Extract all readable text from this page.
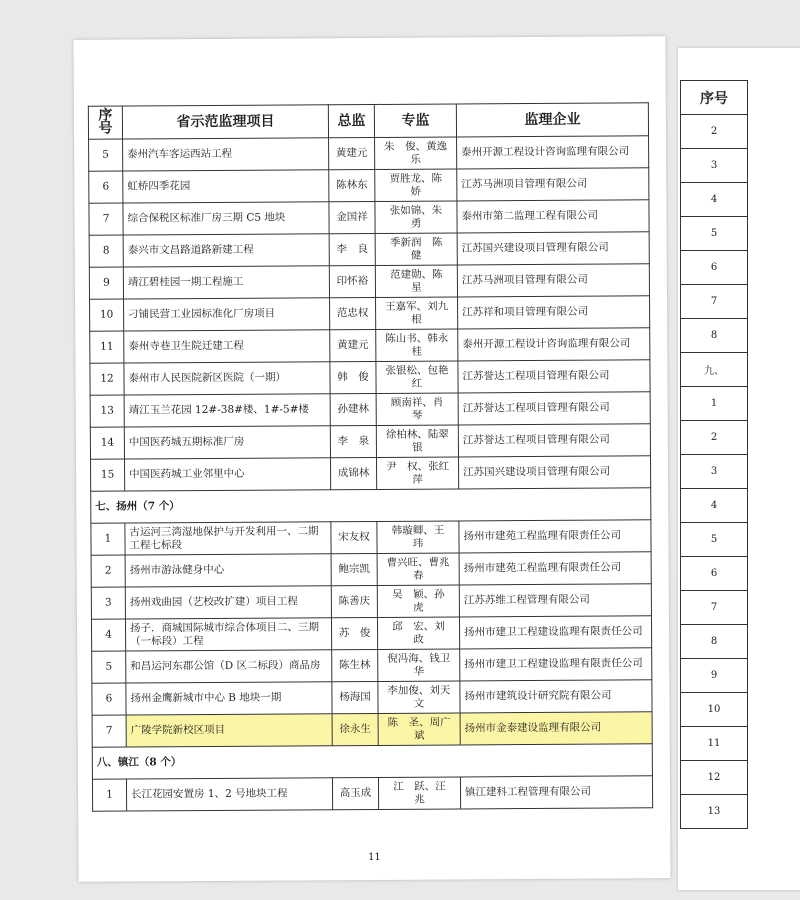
序号	省示范监理项目	总监	专监	监理企业
5	泰州汽车客运西站工程	黄建元	朱　俊、黄逸乐	泰州开源工程设计咨询监理有限公司
6	虹桥四季花园	陈林东	贾胜龙、陈　娇	江苏马洲项目管理有限公司
7	综合保税区标准厂房三期 C5 地块	金国祥	张如锦、朱　勇	泰州市第二监理工程有限公司
8	泰兴市文昌路道路新建工程	李　良	季新润　陈　健	江苏国兴建设项目管理有限公司
9	靖江碧桂园一期工程施工	印怀裕	范建勋、陈　星	江苏马洲项目管理有限公司
10	刁铺民营工业园标准化厂房项目	范忠权	王嘉军、刘九根	江苏祥和项目管理有限公司
11	泰州寺巷卫生院迁建工程	黄建元	陈山书、韩永桂	泰州开源工程设计咨询监理有限公司
12	泰州市人民医院新区医院（一期）	韩　俊	张银松、包艳红	江苏誉达工程项目管理有限公司
13	靖江玉兰花园 12#-38#楼、1#-5#楼	孙建林	顾南祥、肖　琴	江苏誉达工程项目管理有限公司
14	中国医药城五期标准厂房	李　泉	徐柏林、陆翠银	江苏誉达工程项目管理有限公司
15	中国医药城工业邻里中心	成锦林	尹　权、张红萍	江苏国兴建设项目管理有限公司
七、扬州（7 个）				
1	古运河三湾湿地保护与开发利用一、二期工程七标段	宋友权	韩璇卿、王　玮	扬州市建苑工程监理有限责任公司
2	扬州市游泳健身中心	鲍宗凯	曹兴旺、曹兆春	扬州市建苑工程监理有限责任公司
3	扬州戏曲园（艺校改扩建）项目工程	陈善庆	吴　颖、孙　虎	江苏苏维工程管理有限公司
4	扬子．商城国际城市综合体项目二、三期（一标段）工程	苏　俊	邱　宏、刘　政	扬州市建卫工程建设监理有限责任公司
5	和昌运河东郡公馆（D 区二标段）商品房	陈生林	倪冯海、钱卫华	扬州市建卫工程建设监理有限责任公司
6	扬州金鹰新城市中心 B 地块一期	杨海国	李加俊、刘天文	扬州市建筑设计研究院有限公司
7	广陵学院新校区项目	徐永生	陈　圣、周广斌	扬州市金泰建设监理有限公司
八、镇江（8 个）				
1	长江花园安置房 1、2 号地块工程	高玉成	江　跃、汪　兆	镇江建科工程管理有限公司
11
序号
2
3
4
5
6
7
8
九、
1
2
3
4
5
6
7
8
9
10
11
12
13
